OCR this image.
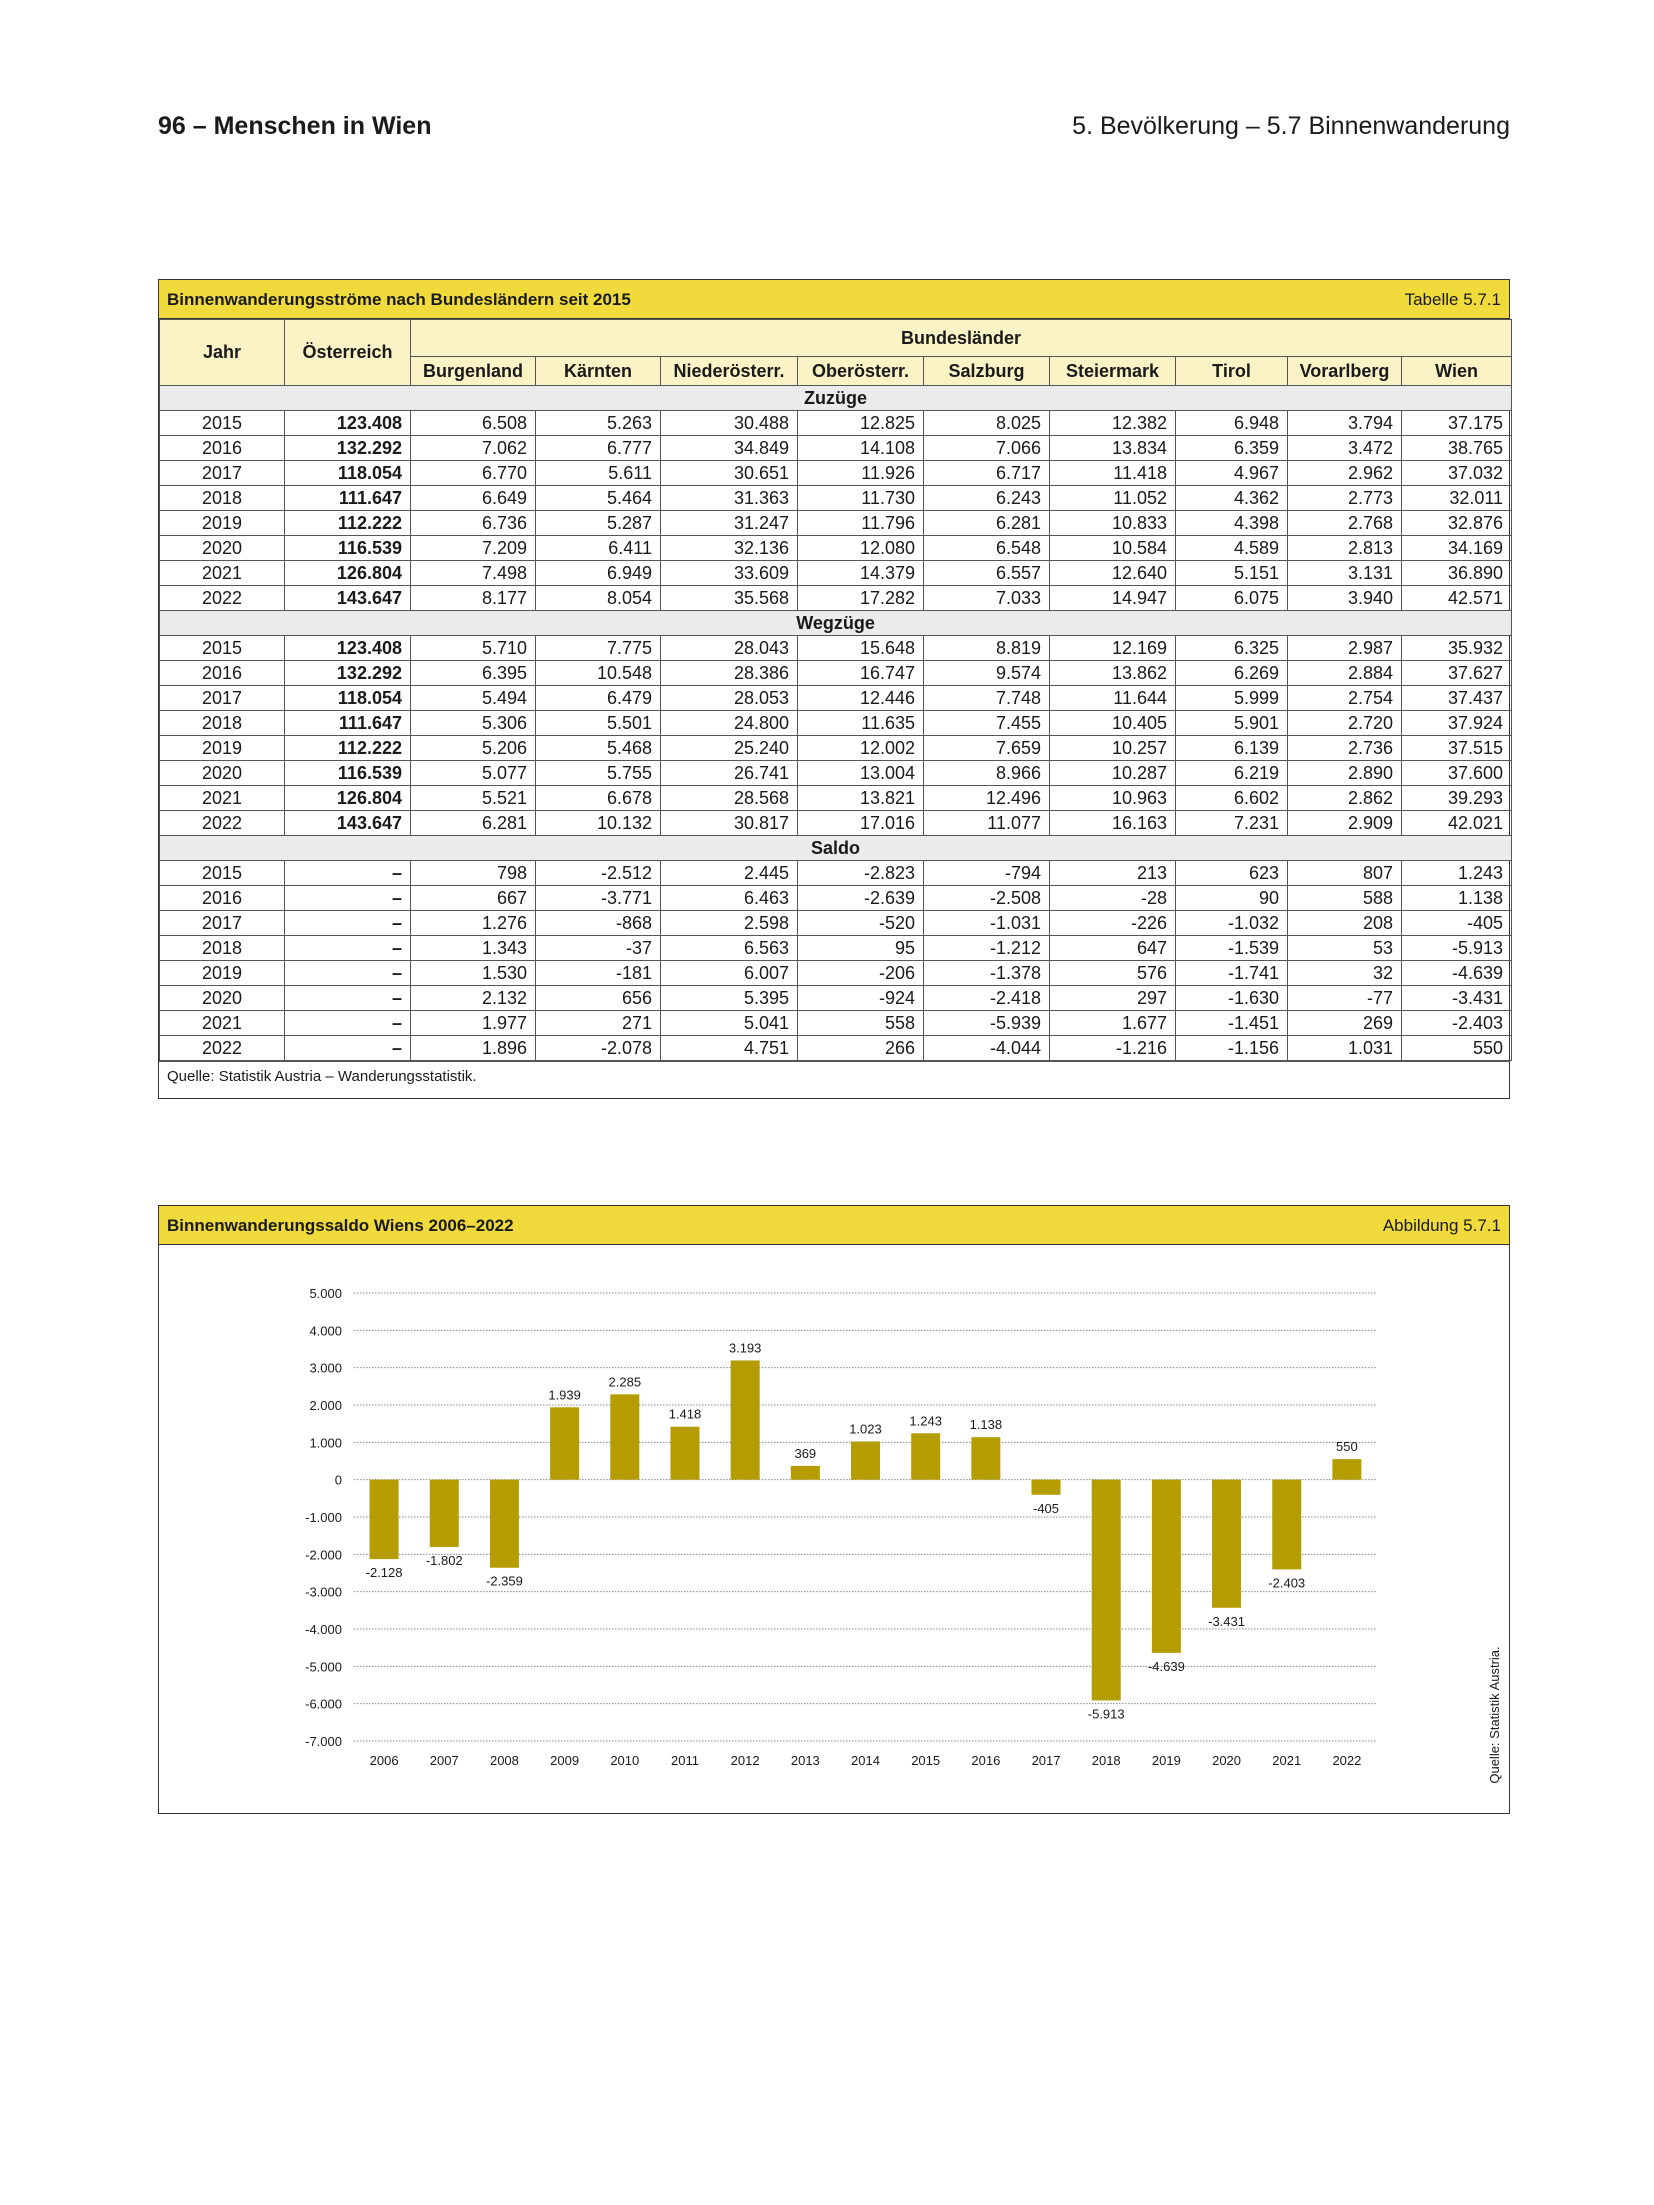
96 – Menschen in Wien	5. Bevölkerung – 5.7 Binnenwanderung
Binnenwanderungsströme nach Bundesländern seit 2015	Tabelle 5.7.1
Jahr	Österreich	Bundesländer								
		Burgenland	Kärnten	Niederösterr.	Oberösterr.	Salzburg	Steiermark	Tirol	Vorarlberg	Wien
Zuzüge										
2015	123.408	6.508	5.263	30.488	12.825	8.025	12.382	6.948	3.794	37.175
2016	132.292	7.062	6.777	34.849	14.108	7.066	13.834	6.359	3.472	38.765
2017	118.054	6.770	5.611	30.651	11.926	6.717	11.418	4.967	2.962	37.032
2018	111.647	6.649	5.464	31.363	11.730	6.243	11.052	4.362	2.773	32.011
2019	112.222	6.736	5.287	31.247	11.796	6.281	10.833	4.398	2.768	32.876
2020	116.539	7.209	6.411	32.136	12.080	6.548	10.584	4.589	2.813	34.169
2021	126.804	7.498	6.949	33.609	14.379	6.557	12.640	5.151	3.131	36.890
2022	143.647	8.177	8.054	35.568	17.282	7.033	14.947	6.075	3.940	42.571
Wegzüge										
2015	123.408	5.710	7.775	28.043	15.648	8.819	12.169	6.325	2.987	35.932
2016	132.292	6.395	10.548	28.386	16.747	9.574	13.862	6.269	2.884	37.627
2017	118.054	5.494	6.479	28.053	12.446	7.748	11.644	5.999	2.754	37.437
2018	111.647	5.306	5.501	24.800	11.635	7.455	10.405	5.901	2.720	37.924
2019	112.222	5.206	5.468	25.240	12.002	7.659	10.257	6.139	2.736	37.515
2020	116.539	5.077	5.755	26.741	13.004	8.966	10.287	6.219	2.890	37.600
2021	126.804	5.521	6.678	28.568	13.821	12.496	10.963	6.602	2.862	39.293
2022	143.647	6.281	10.132	30.817	17.016	11.077	16.163	7.231	2.909	42.021
Saldo										
2015	–	798	-2.512	2.445	-2.823	-794	213	623	807	1.243
2016	–	667	-3.771	6.463	-2.639	-2.508	-28	90	588	1.138
2017	–	1.276	-868	2.598	-520	-1.031	-226	-1.032	208	-405
2018	–	1.343	-37	6.563	95	-1.212	647	-1.539	53	-5.913
2019	–	1.530	-181	6.007	-206	-1.378	576	-1.741	32	-4.639
2020	–	2.132	656	5.395	-924	-2.418	297	-1.630	-77	-3.431
2021	–	1.977	271	5.041	558	-5.939	1.677	-1.451	269	-2.403
2022	–	1.896	-2.078	4.751	266	-4.044	-1.216	-1.156	1.031	550
Quelle: Statistik Austria – Wanderungsstatistik.
Binnenwanderungssaldo Wiens 2006–2022	Abbildung 5.7.1
5.000
4.000
3.000
2.000
1.000
0
-1.000
-2.000
-3.000
-4.000
-5.000
-6.000
-7.000
-2.128
2006
-1.802
2007
-2.359
2008
1.939
2009
2.285
2010
1.418
2011
3.193
2012
369
2013
1.023
2014
1.243
2015
1.138
2016
-405
2017
-5.913
2018
-4.639
2019
-3.431
2020
-2.403
2021
550
2022	Quelle: Statistik Austria.
